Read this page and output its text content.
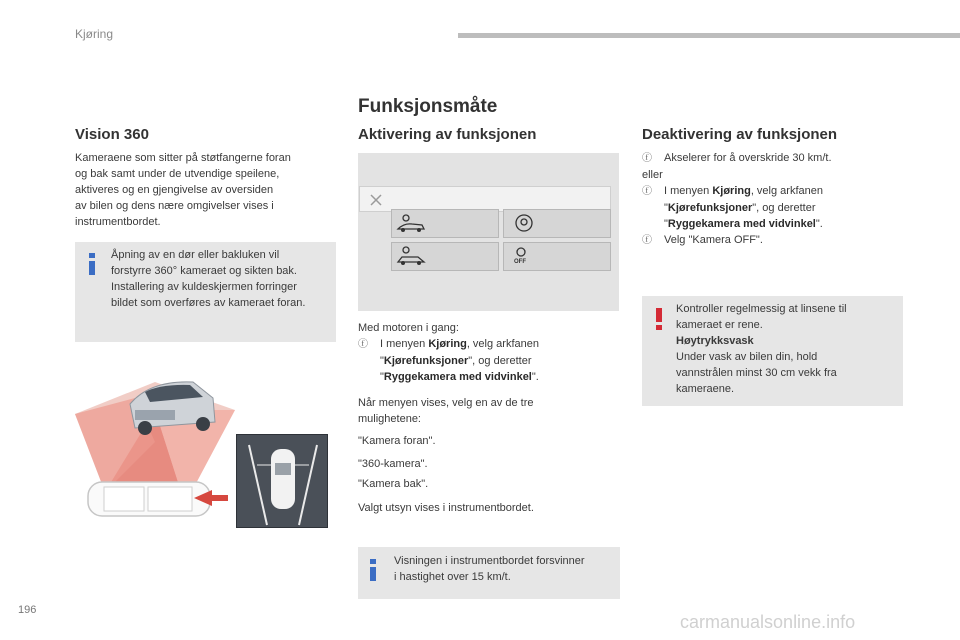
Kjøring
Funksjonsmåte
Vision 360
Kameraene som sitter på støtfangerne foran
og bak samt under de utvendige speilene,
aktiveres og en gjengivelse av oversiden
av bilen og dens nære omgivelser vises i
instrumentbordet.
Åpning av en dør eller bakluken vil
forstyrre 360° kameraet og sikten bak.
Installering av kuldeskjermen forringer
bildet som overføres av kameraet foran.
Aktivering av funksjonen
OFF
Med motoren i gang:
ⓕ I menyen Kjøring, velg arkfanen
"Kjørefunksjoner", og deretter
"Ryggekamera med vidvinkel".
Når menyen vises, velg en av de tre
mulighetene:
"Kamera foran".
"360-kamera".
"Kamera bak".
Valgt utsyn vises i instrumentbordet.
Visningen i instrumentbordet forsvinner
i hastighet over 15 km/t.
Deaktivering av funksjonen
ⓕ Akselerer for å overskride 30 km/t.
eller
ⓕ I menyen Kjøring, velg arkfanen
"Kjørefunksjoner", og deretter
"Ryggekamera med vidvinkel".
ⓕ Velg "Kamera OFF".
Kontroller regelmessig at linsene til
kameraet er rene.
Høytrykksvask
Under vask av bilen din, hold
vannstrålen minst 30 cm vekk fra
kameraene.
196
carmanualsonline.info
